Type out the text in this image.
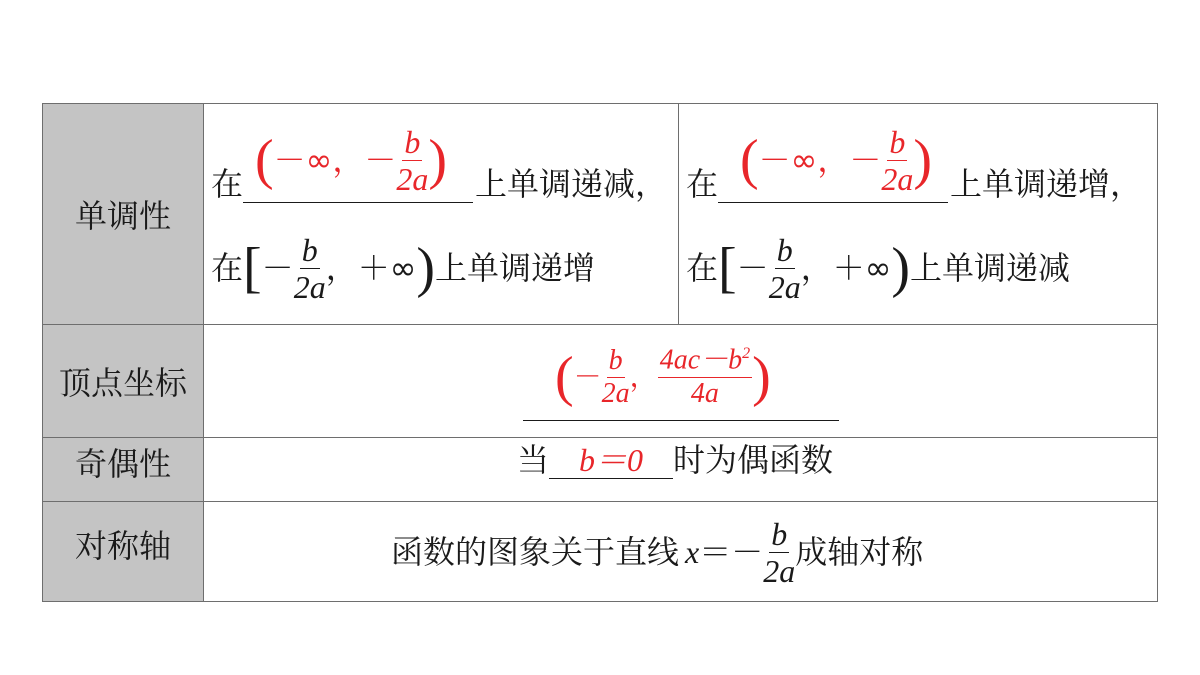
单调性
顶点坐标
奇偶性
对称轴
在 (－∞，－ $\frac{b}{2a}$ ) 上单调递减，
在[－ $\frac{b}{2a}$ ，＋∞)上单调递增
在 (－∞，－ $\frac{b}{2a}$ ) 上单调递增，
在[－ $\frac{b}{2a}$ ，＋∞)上单调递减
(－ $\frac{b}{2a}$ ， $\frac{4ac-b^2}{4a}$ )
当 b＝0 时为偶函数
函数的图象关于直线 $x=- \frac{b}{2a}$ 成轴对称
